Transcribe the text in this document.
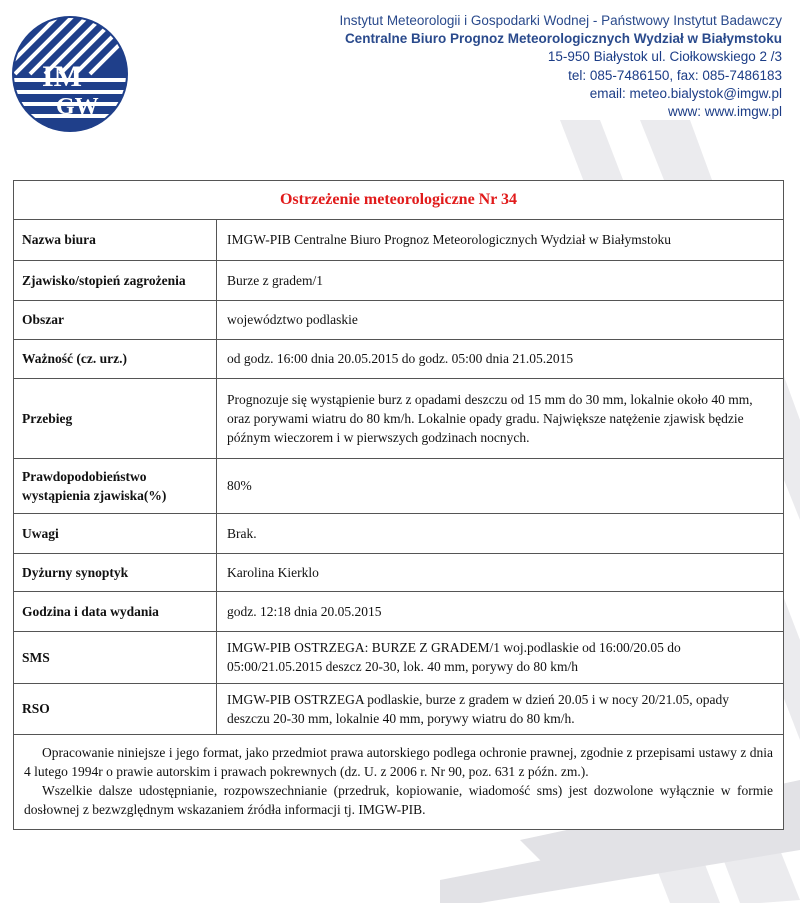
IM
GW
Instytut Meteorologii i Gospodarki Wodnej - Państwowy Instytut Badawczy
Centralne Biuro Prognoz Meteorologicznych Wydział w Białymstoku
15-950 Białystok ul. Ciołkowskiego 2 /3
tel: 085-7486150, fax: 085-7486183
email: meteo.bialystok@imgw.pl
www: www.imgw.pl
Ostrzeżenie meteorologiczne Nr 34
Nazwa biura	IMGW-PIB Centralne Biuro Prognoz Meteorologicznych Wydział w Białymstoku
Zjawisko/stopień zagrożenia	Burze z gradem/1
Obszar	województwo podlaskie
Ważność (cz. urz.)	od godz. 16:00 dnia 20.05.2015 do godz. 05:00 dnia 21.05.2015
Przebieg	Prognozuje się wystąpienie burz z opadami deszczu od 15 mm do 30 mm, lokalnie około 40 mm, oraz porywami wiatru do 80 km/h. Lokalnie opady gradu. Największe natężenie zjawisk będzie późnym wieczorem i w pierwszych godzinach nocnych.
Prawdopodobieństwo wystąpienia zjawiska(%)	80%
Uwagi	Brak.
Dyżurny synoptyk	Karolina Kierklo
Godzina i data wydania	godz. 12:18 dnia 20.05.2015
SMS	IMGW-PIB OSTRZEGA: BURZE Z GRADEM/1 woj.podlaskie od 16:00/20.05 do 05:00/21.05.2015 deszcz 20-30, lok. 40 mm, porywy do 80 km/h
RSO	IMGW-PIB OSTRZEGA podlaskie, burze z gradem w dzień 20.05 i w nocy 20/21.05, opady deszczu 20-30 mm, lokalnie 40 mm, porywy wiatru do 80 km/h.

Opracowanie niniejsze i jego format, jako przedmiot prawa autorskiego podlega ochronie prawnej, zgodnie z przepisami ustawy z dnia 4 lutego 1994r o prawie autorskim i prawach pokrewnych (dz. U. z 2006 r. Nr 90, poz. 631 z późn. zm.).

Wszelkie dalsze udostępnianie, rozpowszechnianie (przedruk, kopiowanie, wiadomość sms) jest dozwolone wyłącznie w formie dosłownej z bezwzględnym wskazaniem źródła informacji tj. IMGW-PIB.
